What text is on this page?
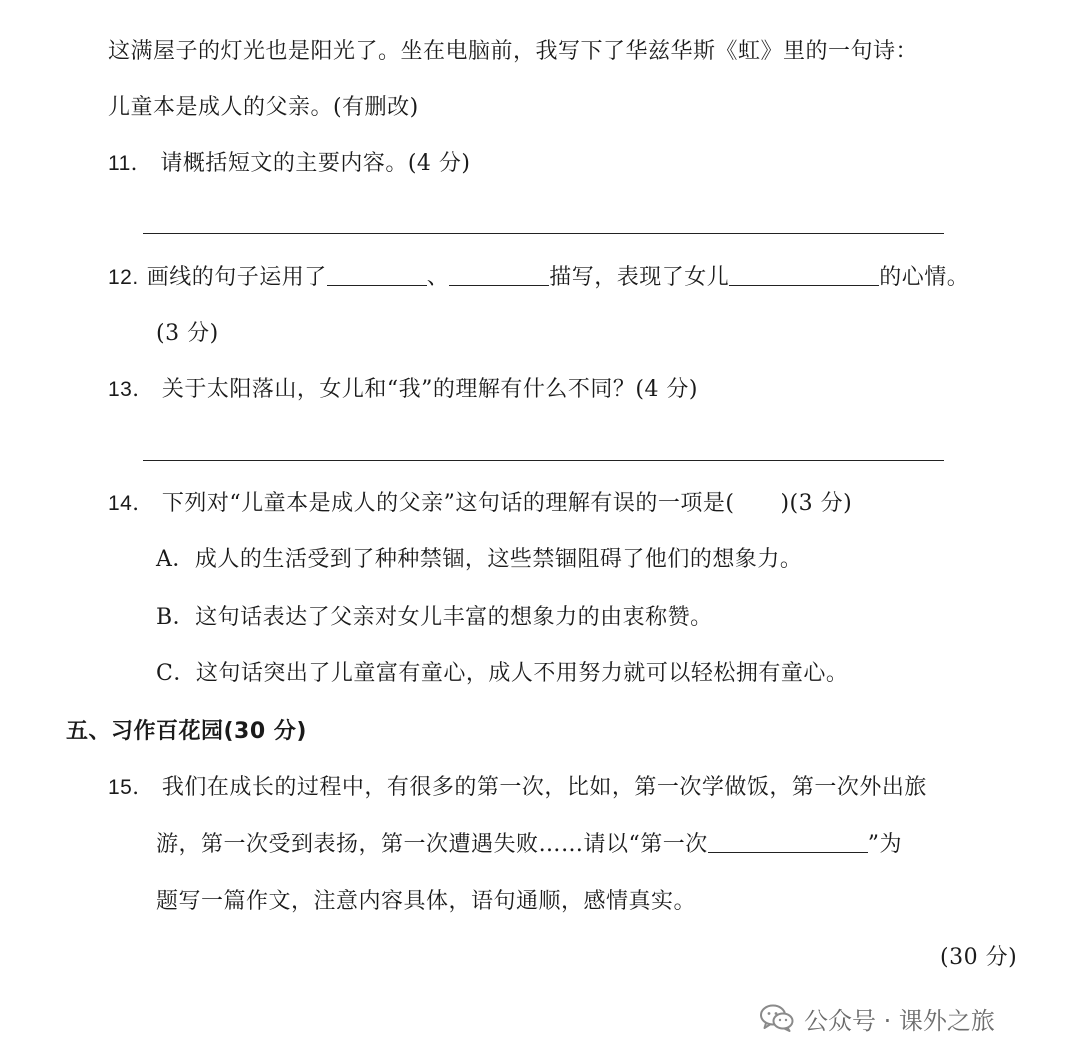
这满屋子的灯光也是阳光了。坐在电脑前，我写下了华兹华斯《虹》里的一句诗：
儿童本是成人的父亲。(有删改)
11． 请概括短文的主要内容。(4 分)
12. 画线的句子运用了	、	描写，表现了女儿	的心情。
(3 分)
13． 关于太阳落山，女儿和“我”的理解有什么不同？(4 分)
14． 下列对“儿童本是成人的父亲”这句话的理解有误的一项是( )(3 分)
A．成人的生活受到了种种禁锢，这些禁锢阻碍了他们的想象力。
B．这句话表达了父亲对女儿丰富的想象力的由衷称赞。
C．这句话突出了儿童富有童心，成人不用努力就可以轻松拥有童心。
五、习作百花园(30 分)
15． 我们在成长的过程中，有很多的第一次，比如，第一次学做饭，第一次外出旅
游，第一次受到表扬，第一次遭遇失败……请以“第一次	”为
题写一篇作文，注意内容具体，语句通顺，感情真实。
(30 分)
公众号 · 课外之旅
